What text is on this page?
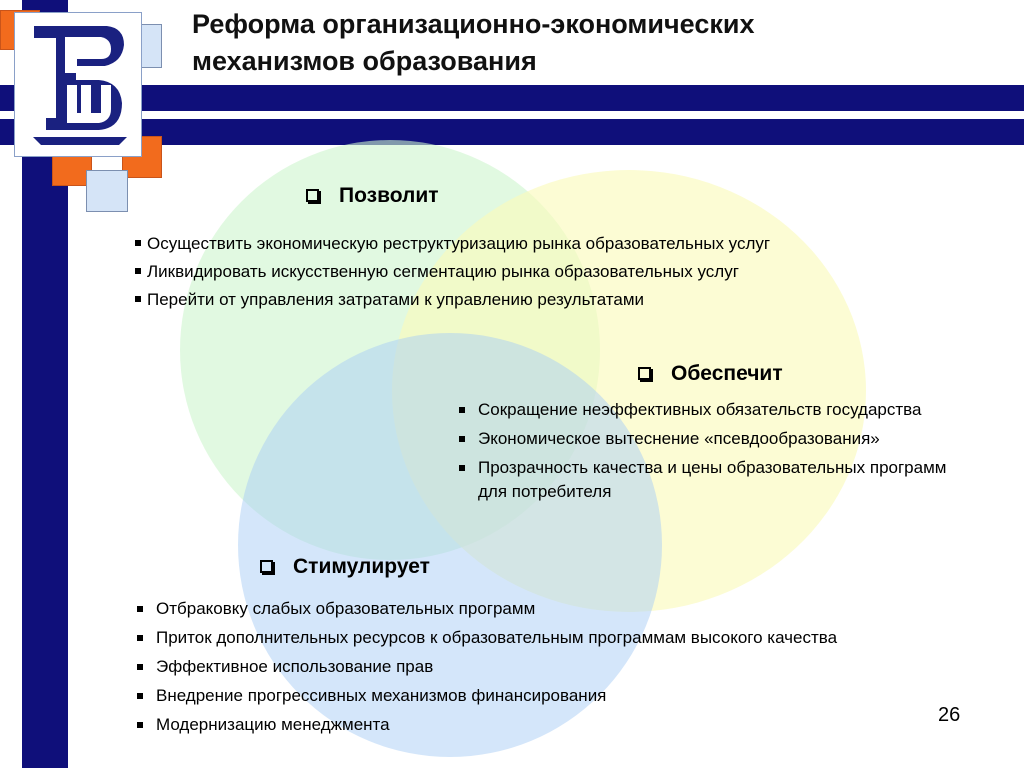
Реформа организационно-экономических
механизмов образования
Позволит
Осуществить экономическую реструктуризацию рынка образовательных услуг
Ликвидировать искусственную сегментацию рынка образовательных услуг
Перейти от управления затратами к управлению результатами
Обеспечит
Сокращение неэффективных обязательств государства
Экономическое вытеснение «псевдообразования»
Прозрачность качества и цены образовательных программ для потребителя
Стимулирует
Отбраковку слабых образовательных программ
Приток дополнительных ресурсов к образовательным программам высокого качества
Эффективное использование прав
Внедрение прогрессивных механизмов финансирования
Модернизацию менеджмента	26
